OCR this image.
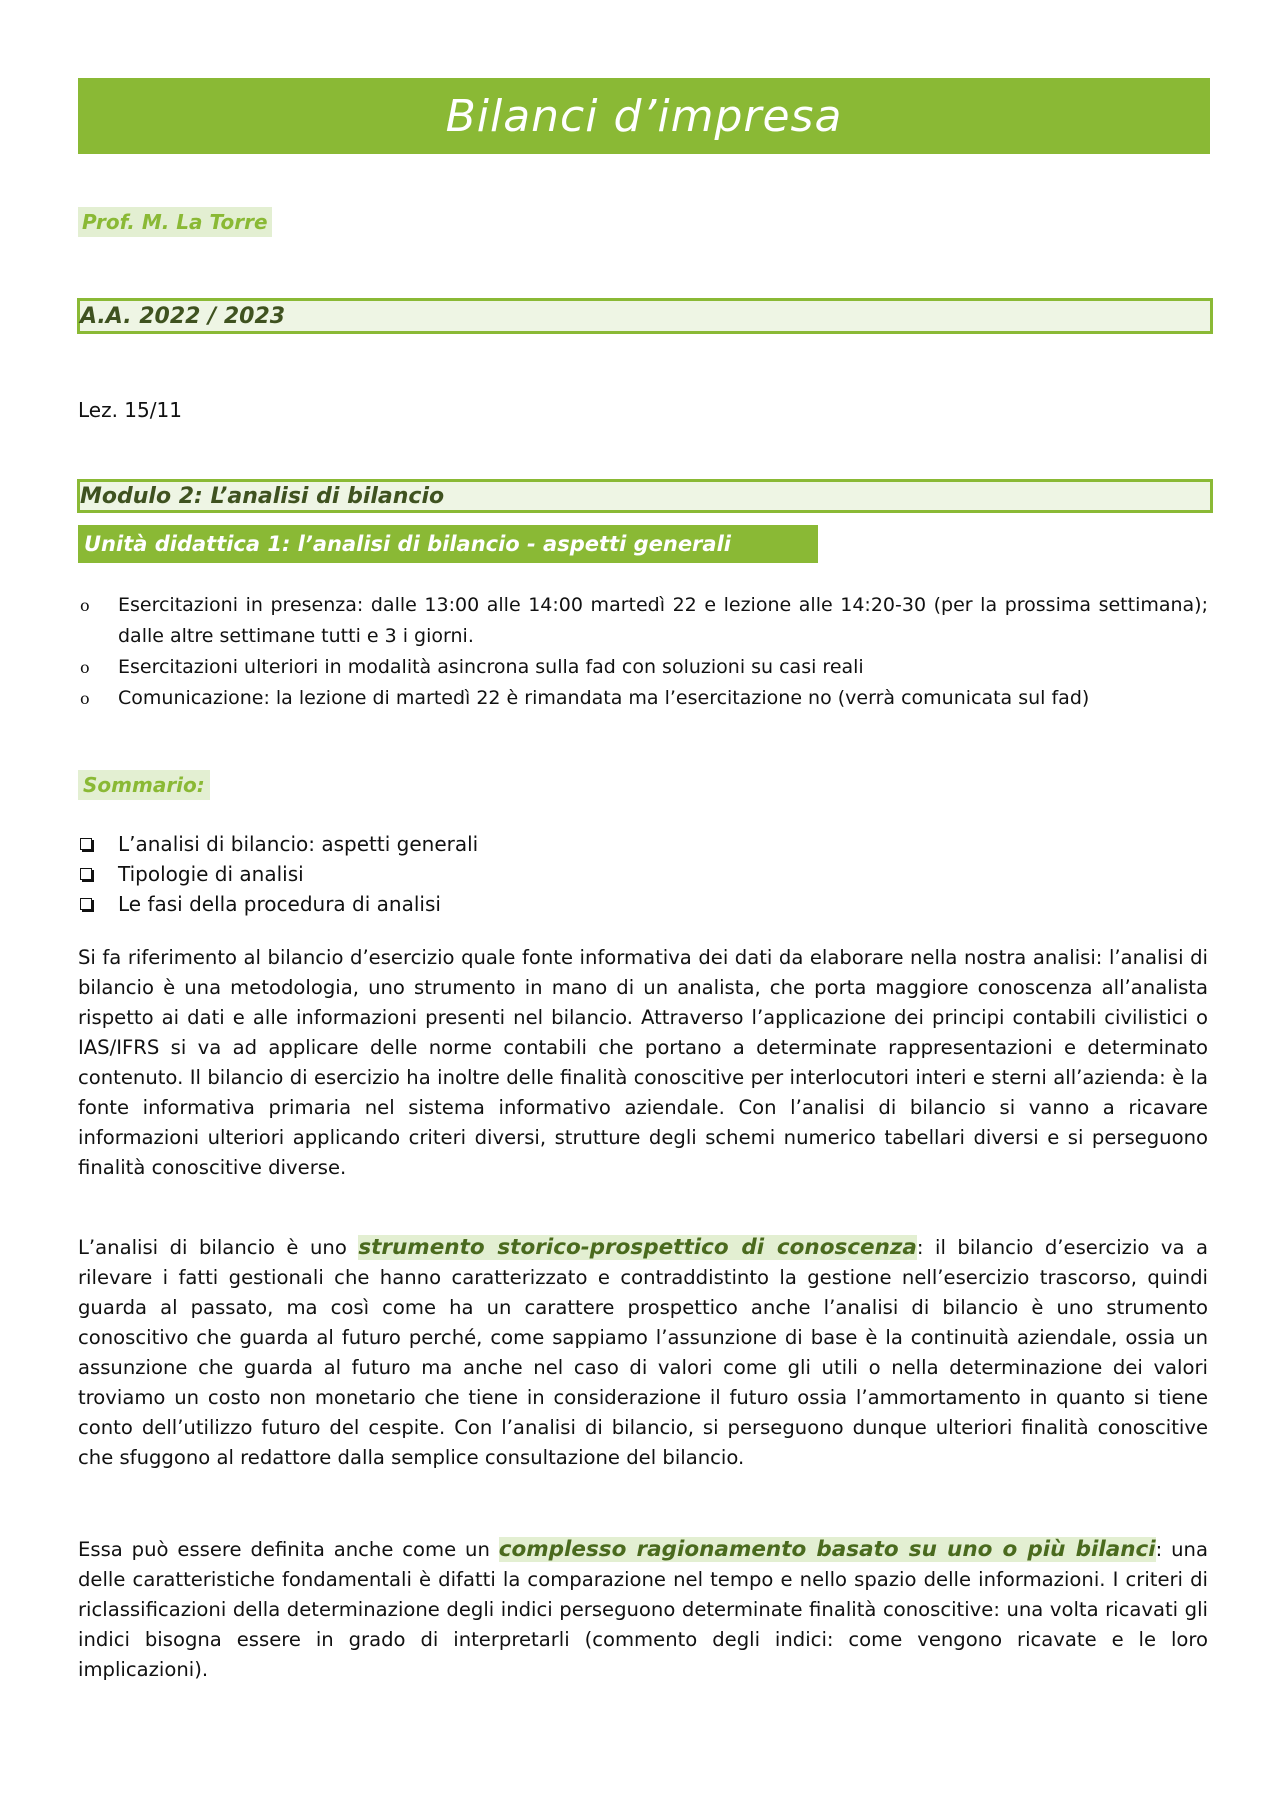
Bilanci d’impresa
Prof. M. La Torre
A.A. 2022 / 2023
Lez. 15/11
Modulo 2: L’analisi di bilancio
Unità didattica 1: l’analisi di bilancio - aspetti generali
o Esercitazioni in presenza: dalle 13:00 alle 14:00 martedì 22 e lezione alle 14:20-30 (per la prossima settimana); dalle altre settimane tutti e 3 i giorni.
o Esercitazioni ulteriori in modalità asincrona sulla fad con soluzioni su casi reali
o Comunicazione: la lezione di martedì 22 è rimandata ma l’esercitazione no (verrà comunicata sul fad)
Sommario:
L’analisi di bilancio: aspetti generali
Tipologie di analisi
Le fasi della procedura di analisi

Si fa riferimento al bilancio d’esercizio quale fonte informativa dei dati da elaborare nella nostra analisi: l’analisi di bilancio è una metodologia, uno strumento in mano di un analista, che porta maggiore conoscenza all’analista rispetto ai dati e alle informazioni presenti nel bilancio. Attraverso l’applicazione dei principi contabili civilistici o IAS/IFRS si va ad applicare delle norme contabili che portano a determinate rappresentazioni e determinato contenuto. Il bilancio di esercizio ha inoltre delle finalità conoscitive per interlocutori interi e sterni all’azienda: è la fonte informativa primaria nel sistema informativo aziendale. Con l’analisi di bilancio si vanno a ricavare informazioni ulteriori applicando criteri diversi, strutture degli schemi numerico tabellari diversi e si perseguono finalità conoscitive diverse.

L’analisi di bilancio è uno strumento storico-prospettico di conoscenza: il bilancio d’esercizio va a rilevare i fatti gestionali che hanno caratterizzato e contraddistinto la gestione nell’esercizio trascorso, quindi guarda al passato, ma così come ha un carattere prospettico anche l’analisi di bilancio è uno strumento conoscitivo che guarda al futuro perché, come sappiamo l’assunzione di base è la continuità aziendale, ossia un assunzione che guarda al futuro ma anche nel caso di valori come gli utili o nella determinazione dei valori troviamo un costo non monetario che tiene in considerazione il futuro ossia l’ammortamento in quanto si tiene conto dell’utilizzo futuro del cespite. Con l’analisi di bilancio, si perseguono dunque ulteriori finalità conoscitive che sfuggono al redattore dalla semplice consultazione del bilancio.

Essa può essere definita anche come un complesso ragionamento basato su uno o più bilanci: una delle caratteristiche fondamentali è difatti la comparazione nel tempo e nello spazio delle informazioni. I criteri di riclassificazioni della determinazione degli indici perseguono determinate finalità conoscitive: una volta ricavati gli indici bisogna essere in grado di interpretarli (commento degli indici: come vengono ricavate e le loro implicazioni).
